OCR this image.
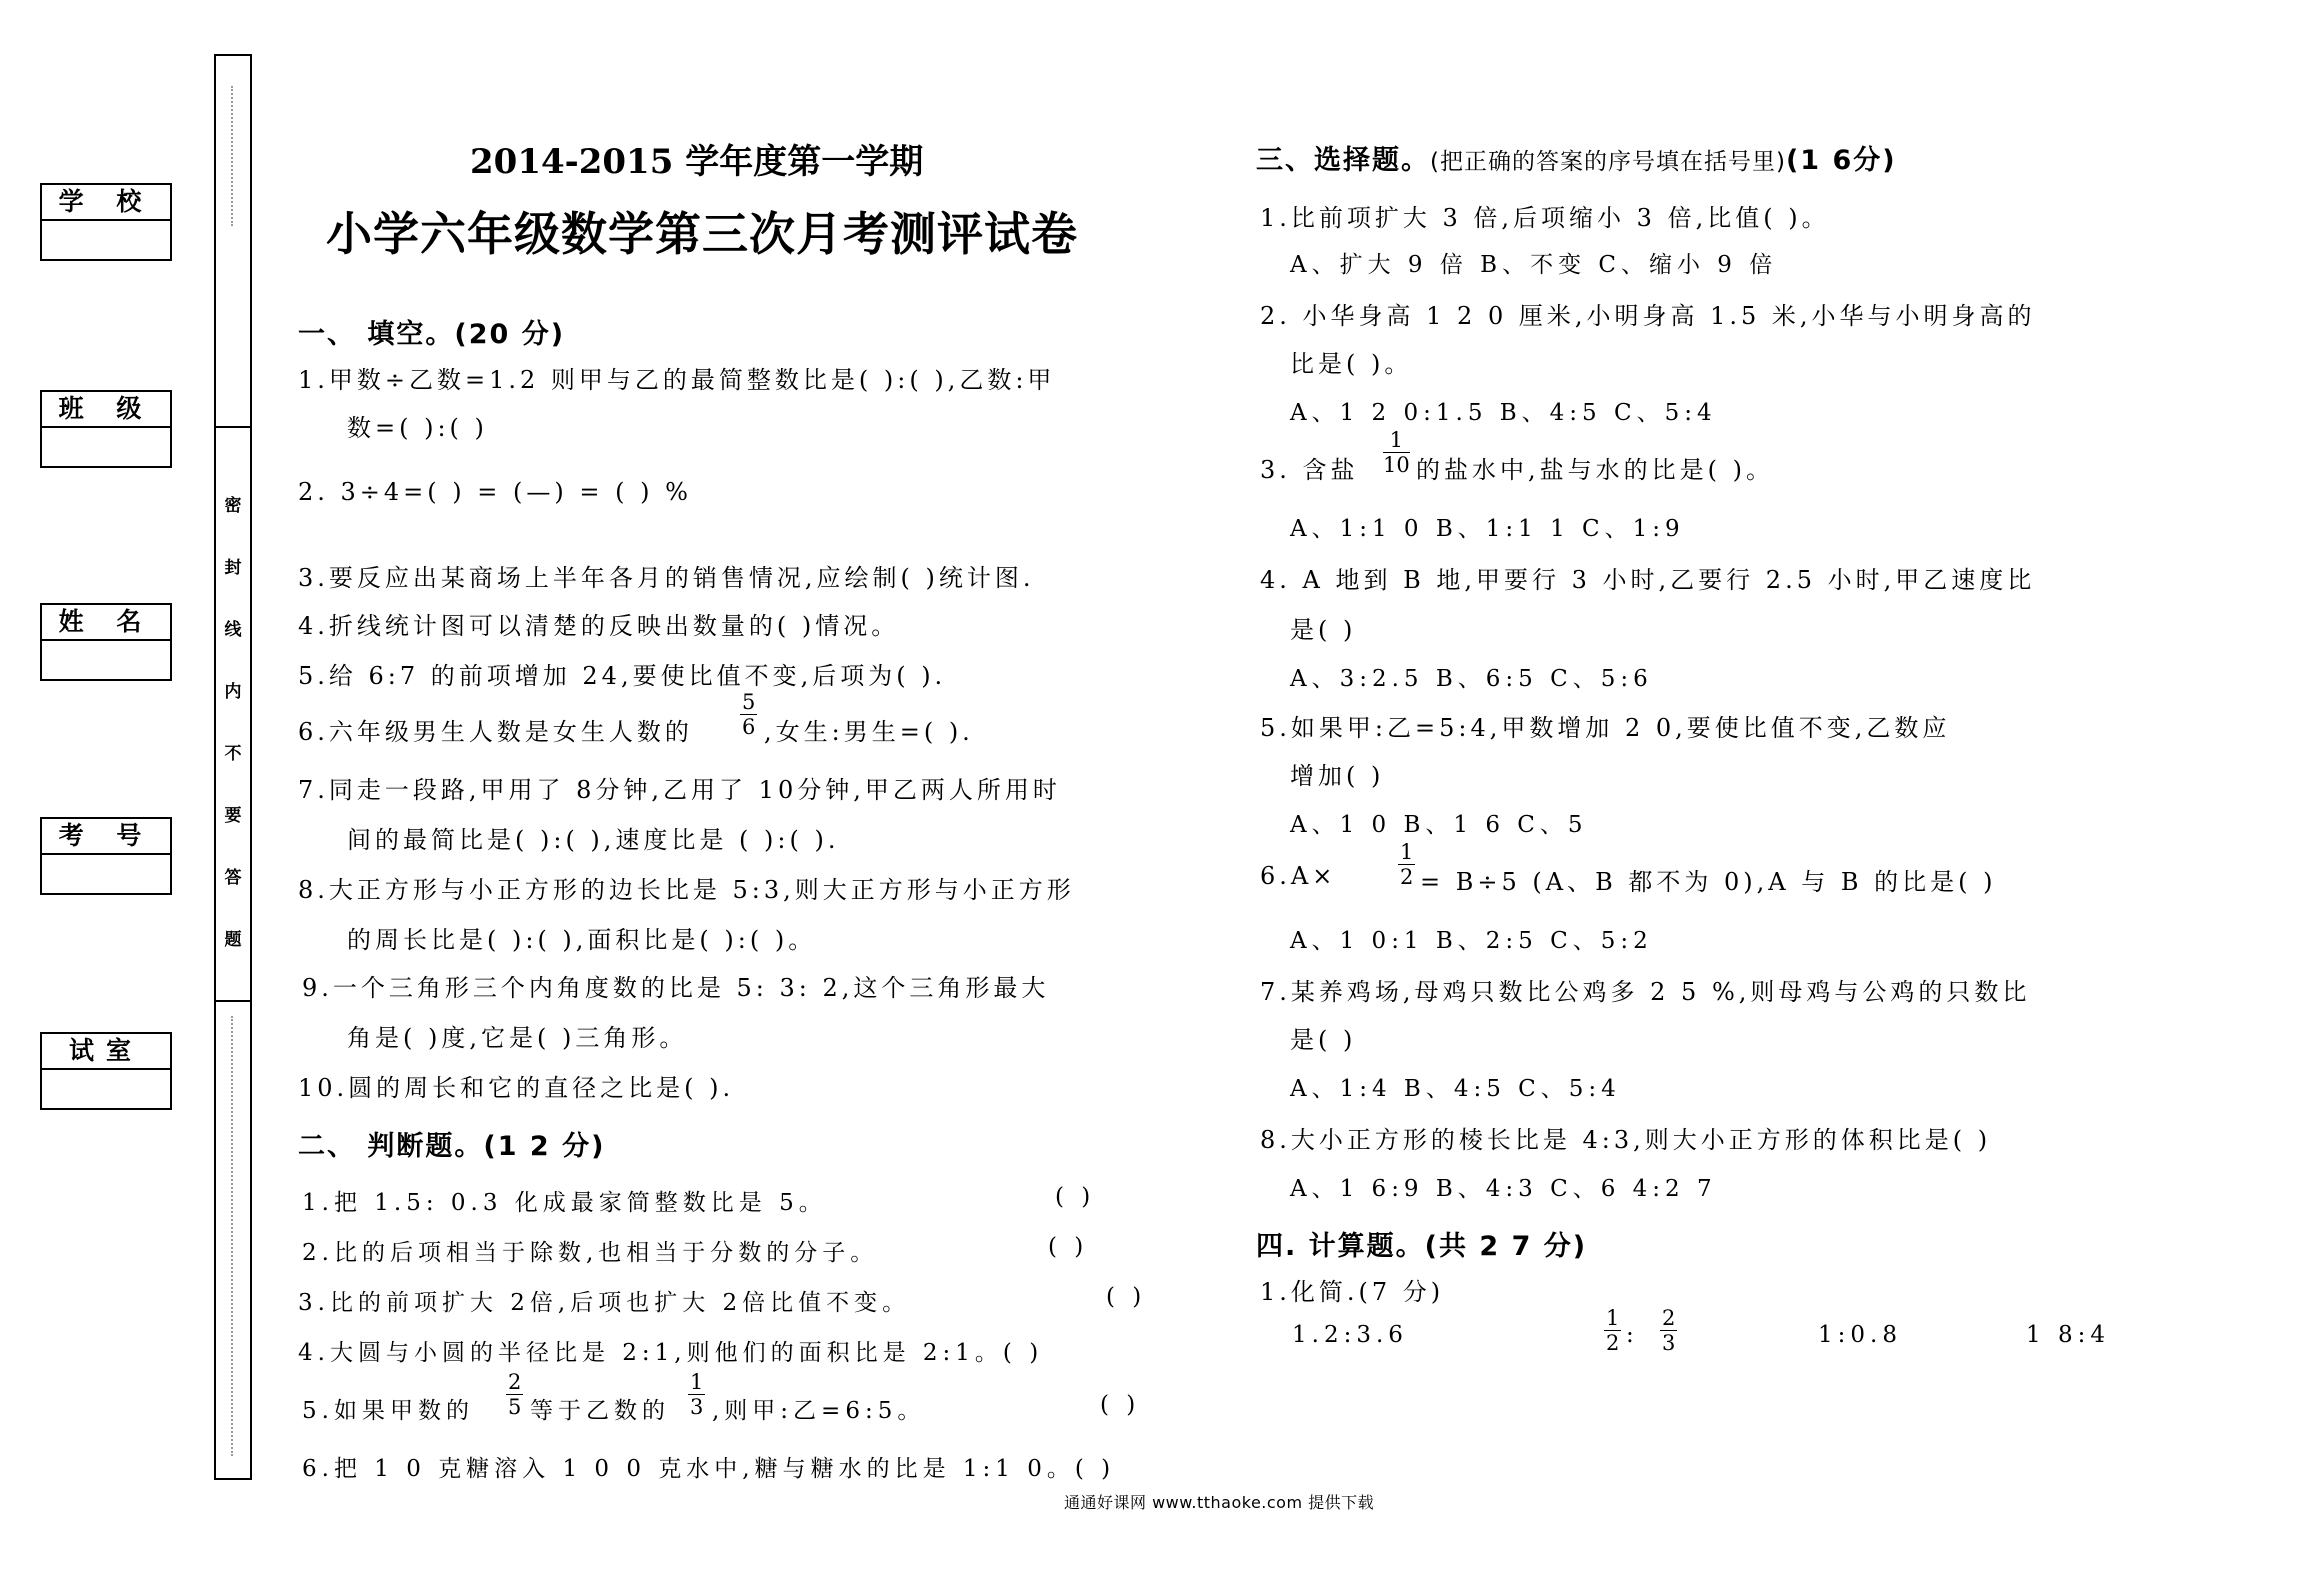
学 校
班 级
姓 名
考 号
试室
密
封
线
内
不
要
答
题
2014-2015 学年度第一学期
小学六年级数学第三次月考测评试卷
一、 填空。(20 分)
1.甲数÷乙数=1.2 则甲与乙的最简整数比是( ):( ),乙数:甲
数=( ):( )
2. 3÷4=( ) = (—) = ( ) %
3.要反应出某商场上半年各月的销售情况,应绘制( )统计图.
4.折线统计图可以清楚的反映出数量的( )情况。
5.给 6:7 的前项增加 24,要使比值不变,后项为( ).
6.六年级男生人数是女生人数的 $\frac{5}{6}$ ,女生:男生=( ).
7.同走一段路,甲用了 8分钟,乙用了 10分钟,甲乙两人所用时
间的最简比是( ):( ),速度比是 ( ):( ).
8.大正方形与小正方形的边长比是 5:3,则大正方形与小正方形
的周长比是( ):( ),面积比是( ):( )。
9.一个三角形三个内角度数的比是 5: 3: 2,这个三角形最大
角是( )度,它是( )三角形。
10.圆的周长和它的直径之比是( ).
二、 判断题。(1 2 分)
1.把 1.5: 0.3 化成最家简整数比是 5。	( )
2.比的后项相当于除数,也相当于分数的分子。	( )
3.比的前项扩大 2倍,后项也扩大 2倍比值不变。	( )
4.大圆与小圆的半径比是 2:1,则他们的面积比是 2:1。( )
5.如果甲数的 $\frac{2}{5}$ 等于乙数的 $\frac{1}{3}$ ,则甲:乙=6:5。	( )
6.把 1 0 克糖溶入 1 0 0 克水中,糖与糖水的比是 1:1 0。( )
三、选择题。(把正确的答案的序号填在括号里)(1 6分)
1.比前项扩大 3 倍,后项缩小 3 倍,比值( )。
A、扩大 9 倍 B、不变 C、缩小 9 倍
2. 小华身高 1 2 0 厘米,小明身高 1.5 米,小华与小明身高的
比是( )。
A、1 2 0:1.5 B、4:5 C、5:4
3. 含盐 $\frac{1}{10}$ 的盐水中,盐与水的比是( )。
A、1:1 0 B、1:1 1 C、1:9
4. A 地到 B 地,甲要行 3 小时,乙要行 2.5 小时,甲乙速度比
是( )
A、3:2.5 B、6:5 C、5:6
5.如果甲:乙=5:4,甲数增加 2 0,要使比值不变,乙数应
增加( )
A、1 0 B、1 6 C、5
6.A×	$\frac{1}{2} = B\div 5$ (A、B 都不为 0),A 与 B 的比是( )
A、1 0:1 B、2:5 C、5:2
7.某养鸡场,母鸡只数比公鸡多 2 5 %,则母鸡与公鸡的只数比
是( )
A、1:4 B、4:5 C、5:4
8.大小正方形的棱长比是 4:3,则大小正方形的体积比是( )
A、1 6:9 B、4:3 C、6 4:2 7
四. 计算题。(共 2 7 分)
1.化简.(7 分)
1.2:3.6	$\frac{1}{2}$ : $\frac{2}{3}$	1:0.8	1 8:4
通通好课网 www.tthaoke.com 提供下载
